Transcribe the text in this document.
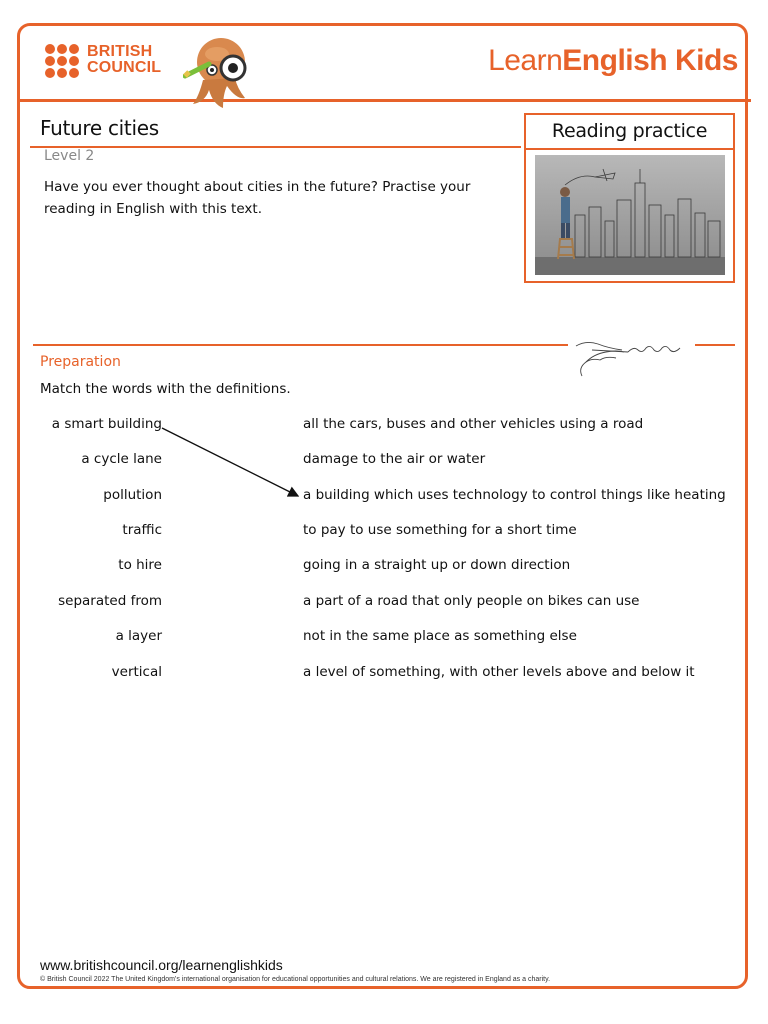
BRITISH
COUNCIL	LearnEnglish Kids
Future cities
Level 2
Have you ever thought about cities in the future? Practise your reading in English with this text.
Reading practice
Preparation
Match the words with the definitions.
a smart building
a cycle lane
pollution
traffic
to hire
separated from
a layer
vertical
all the cars, buses and other vehicles using a road
damage to the air or water
a building which uses technology to control things like heating
to pay to use something for a short time
going in a straight up or down direction
a part of a road that only people on bikes can use
not in the same place as something else
a level of something, with other levels above and below it
www.britishcouncil.org/learnenglishkids
© British Council 2022 The United Kingdom's international organisation for educational opportunities and cultural relations. We are registered in England as a charity.
